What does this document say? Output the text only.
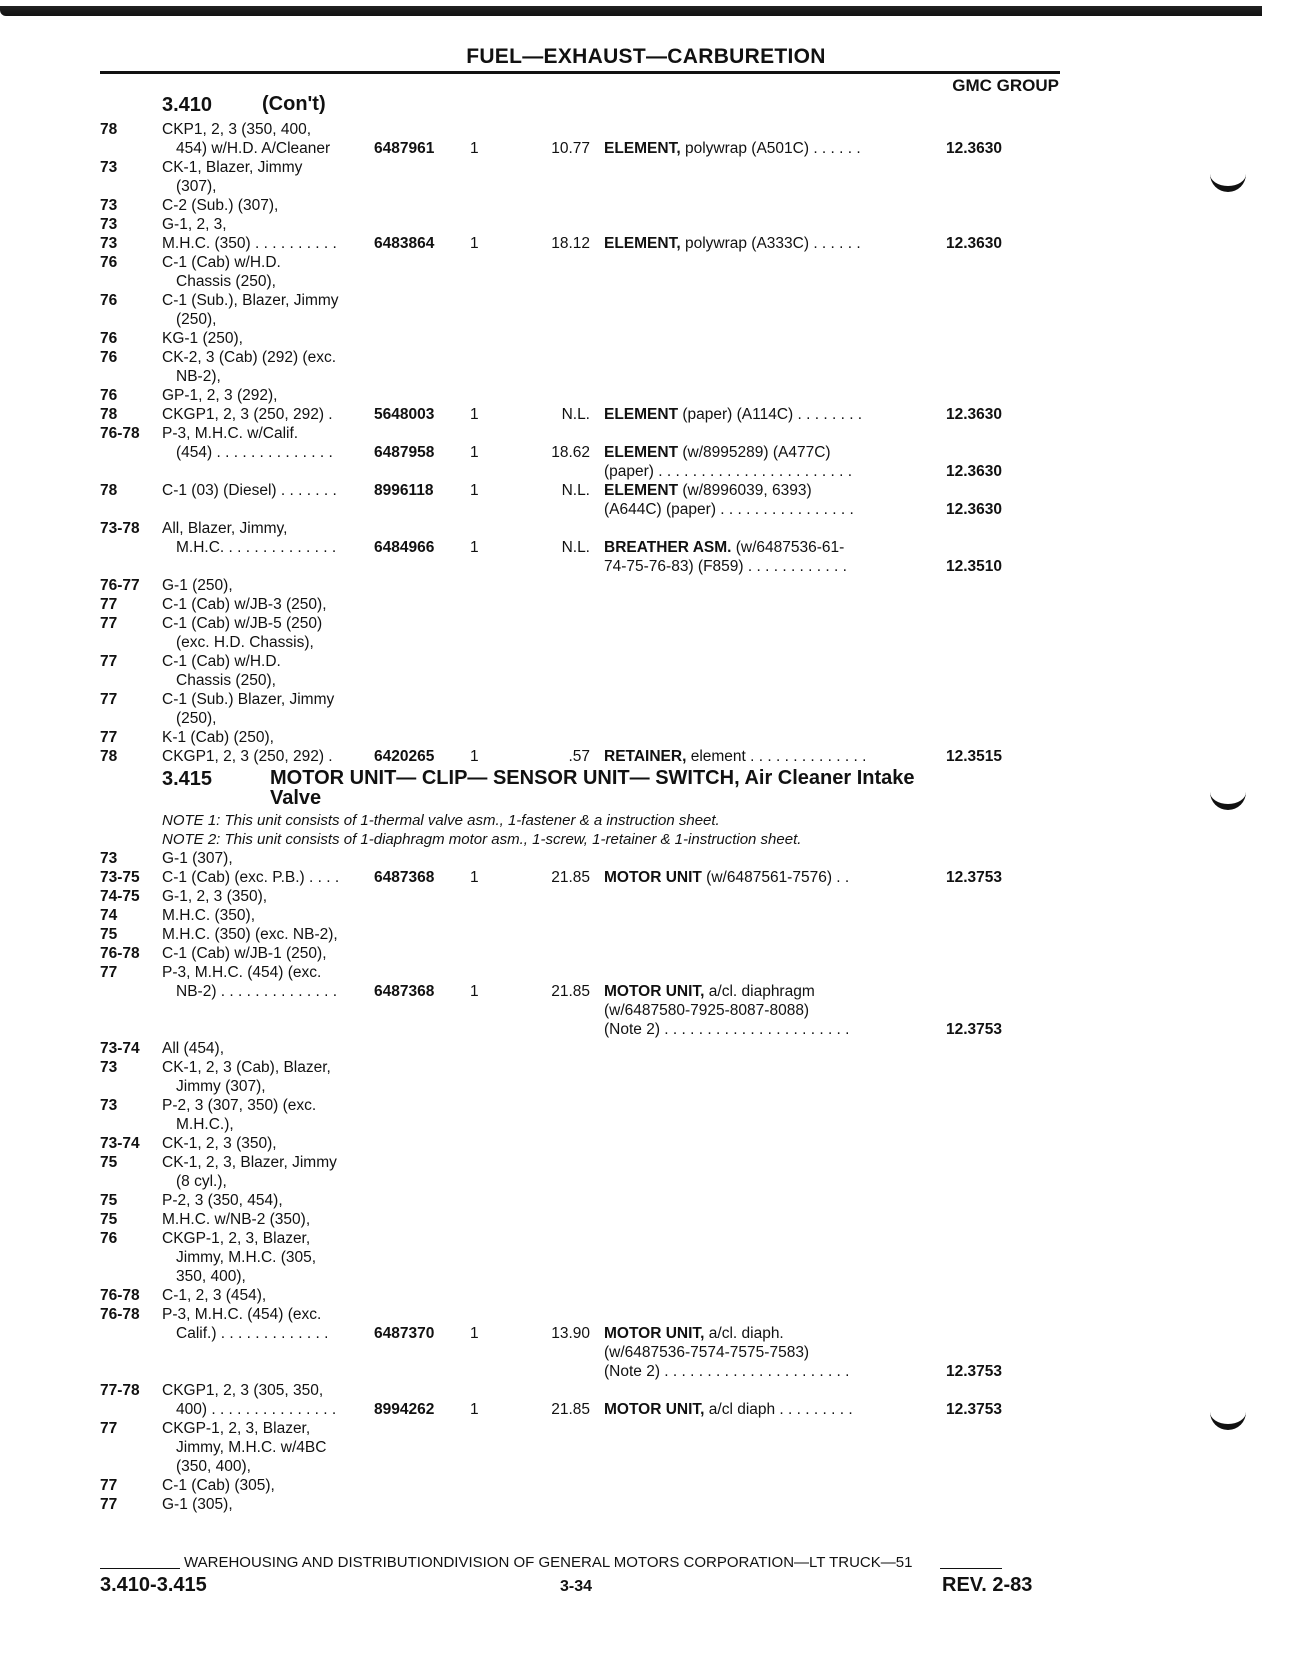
FUEL—EXHAUST—CARBURETION
GMC GROUP
3.410	(Con't)
78	CKP1, 2, 3 (350, 400,
454) w/H.D. A/Cleaner	6487961	1	10.77 ELEMENT, polywrap (A501C) . . . . . .	12.3630
73	CK-1, Blazer, Jimmy
(307),
73	C-2 (Sub.) (307),
73	G-1, 2, 3,
73	M.H.C. (350) . . . . . . . . . .	6483864	1	18.12 ELEMENT, polywrap (A333C) . . . . . .	12.3630
76	C-1 (Cab) w/H.D.
Chassis (250),
76	C-1 (Sub.), Blazer, Jimmy
(250),
76	KG-1 (250),
76	CK-2, 3 (Cab) (292) (exc.
NB-2),
76	GP-1, 2, 3 (292),
78	CKGP1, 2, 3 (250, 292) .	5648003	1	N.L. ELEMENT (paper) (A114C) . . . . . . . .	12.3630
76-78	P-3, M.H.C. w/Calif.
(454) . . . . . . . . . . . . . .	6487958	1	18.62 ELEMENT (w/8995289) (A477C)
(paper) . . . . . . . . . . . . . . . . . . . . . . .	12.3630
78	C-1 (03) (Diesel) . . . . . . .	8996118	1	N.L. ELEMENT (w/8996039, 6393)
(A644C) (paper) . . . . . . . . . . . . . . . .	12.3630
73-78	All, Blazer, Jimmy,
M.H.C. . . . . . . . . . . . . .	6484966	1	N.L. BREATHER ASM. (w/6487536-61-
74-75-76-83) (F859) . . . . . . . . . . . .	12.3510
76-77	G-1 (250),
77	C-1 (Cab) w/JB-3 (250),
77	C-1 (Cab) w/JB-5 (250)
(exc. H.D. Chassis),
77	C-1 (Cab) w/H.D.
Chassis (250),
77	C-1 (Sub.) Blazer, Jimmy
(250),
77	K-1 (Cab) (250),
78	CKGP1, 2, 3 (250, 292) .	6420265	1	.57 RETAINER, element . . . . . . . . . . . . . .	12.3515
3.415	MOTOR UNIT— CLIP— SENSOR UNIT— SWITCH, Air Cleaner Intake
Valve
NOTE 1: This unit consists of 1-thermal valve asm., 1-fastener & a instruction sheet.
NOTE 2: This unit consists of 1-diaphragm motor asm., 1-screw, 1-retainer & 1-instruction sheet.
73	G-1 (307),
73-75	C-1 (Cab) (exc. P.B.) . . . .	6487368	1	21.85 MOTOR UNIT (w/6487561-7576) . .	12.3753
74-75	G-1, 2, 3 (350),
74	M.H.C. (350),
75	M.H.C. (350) (exc. NB-2),
76-78	C-1 (Cab) w/JB-1 (250),
77	P-3, M.H.C. (454) (exc.
NB-2) . . . . . . . . . . . . . .	6487368	1	21.85 MOTOR UNIT, a/cl. diaphragm
(w/6487580-7925-8087-8088)
(Note 2) . . . . . . . . . . . . . . . . . . . . . .	12.3753
73-74	All (454),
73	CK-1, 2, 3 (Cab), Blazer,
Jimmy (307),
73	P-2, 3 (307, 350) (exc.
M.H.C.),
73-74	CK-1, 2, 3 (350),
75	CK-1, 2, 3, Blazer, Jimmy
(8 cyl.),
75	P-2, 3 (350, 454),
75	M.H.C. w/NB-2 (350),
76	CKGP-1, 2, 3, Blazer,
Jimmy, M.H.C. (305,
350, 400),
76-78	C-1, 2, 3 (454),
76-78	P-3, M.H.C. (454) (exc.
Calif.) . . . . . . . . . . . . .	6487370	1	13.90 MOTOR UNIT, a/cl. diaph.
(w/6487536-7574-7575-7583)
(Note 2) . . . . . . . . . . . . . . . . . . . . . .	12.3753
77-78	CKGP1, 2, 3 (305, 350,
400) . . . . . . . . . . . . . . .	8994262	1	21.85 MOTOR UNIT, a/cl diaph . . . . . . . . .	12.3753
77	CKGP-1, 2, 3, Blazer,
Jimmy, M.H.C. w/4BC
(350, 400),
77	C-1 (Cab) (305),
77	G-1 (305),
WAREHOUSING AND DISTRIBUTIONDIVISION OF GENERAL MOTORS CORPORATION—LT TRUCK—51
3.410-3.415	3-34	REV. 2-83
